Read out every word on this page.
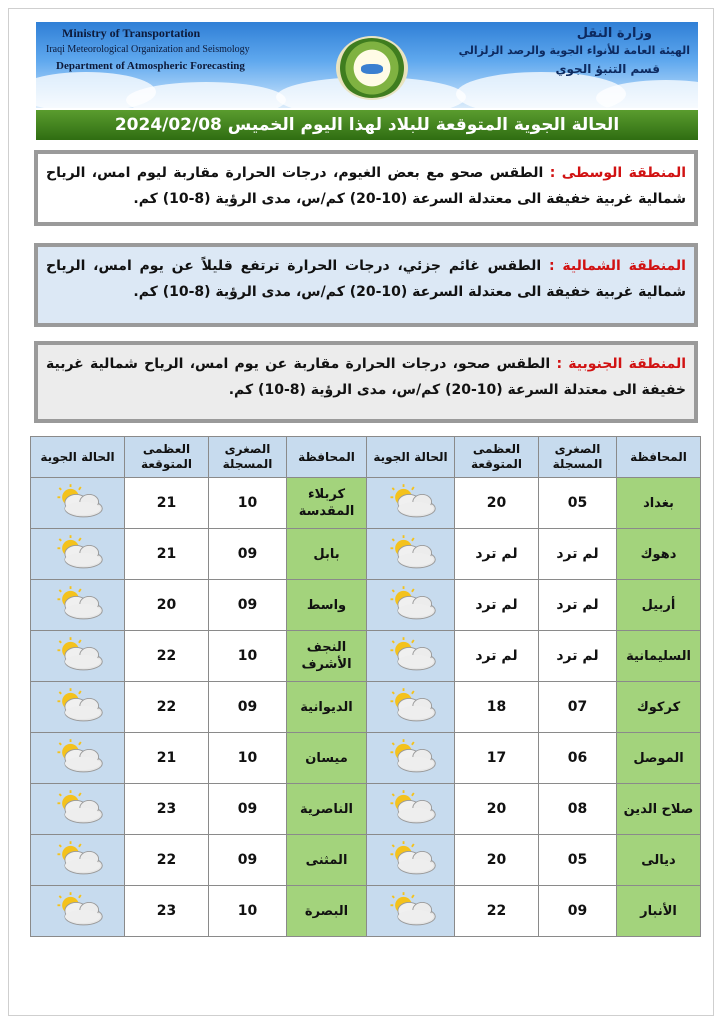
Ministry of Transportation
Iraqi Meteorological Organization and Seismology
Department of Atmospheric Forecasting
وزارة النقل
الهيئة العامة للأنواء الجوية والرصد الزلزالي
قسم التنبؤ الجوي
الحالة الجوية المتوقعة للبلاد لهذا اليوم الخميس 2024/02/08
المنطقة الوسطى : الطقس صحو مع بعض الغيوم، درجات الحرارة مقاربة ليوم امس، الرياح شمالية غربية خفيفة الى معتدلة السرعة (10-20) كم/س، مدى الرؤية (8-10) كم.
المنطقة الشمالية : الطقس غائم جزئي، درجات الحرارة ترتفع قليلاً عن يوم امس، الرياح شمالية غربية خفيفة الى معتدلة السرعة (10-20) كم/س، مدى الرؤية (8-10) كم.
المنطقة الجنوبية : الطقس صحو، درجات الحرارة مقاربة عن يوم امس، الرياح شمالية غربية خفيفة الى معتدلة السرعة (10-20) كم/س، مدى الرؤية (8-10) كم.
المحافظة	الصغرى المسجلة	العظمى المتوقعة	الحالة الجوية	المحافظة	الصغرى المسجلة	العظمى المتوقعة	الحالة الجوية
بغداد	05	20		كربلاء المقدسة	10	21	
دهوك	لم ترد	لم ترد		بابل	09	21	
أربيل	لم ترد	لم ترد		واسط	09	20	
السليمانية	لم ترد	لم ترد		النجف الأشرف	10	22	
كركوك	07	18		الديوانية	09	22	
الموصل	06	17		ميسان	10	21	
صلاح الدين	08	20		الناصرية	09	23	
ديالى	05	20		المثنى	09	22	
الأنبار	09	22		البصرة	10	23	
